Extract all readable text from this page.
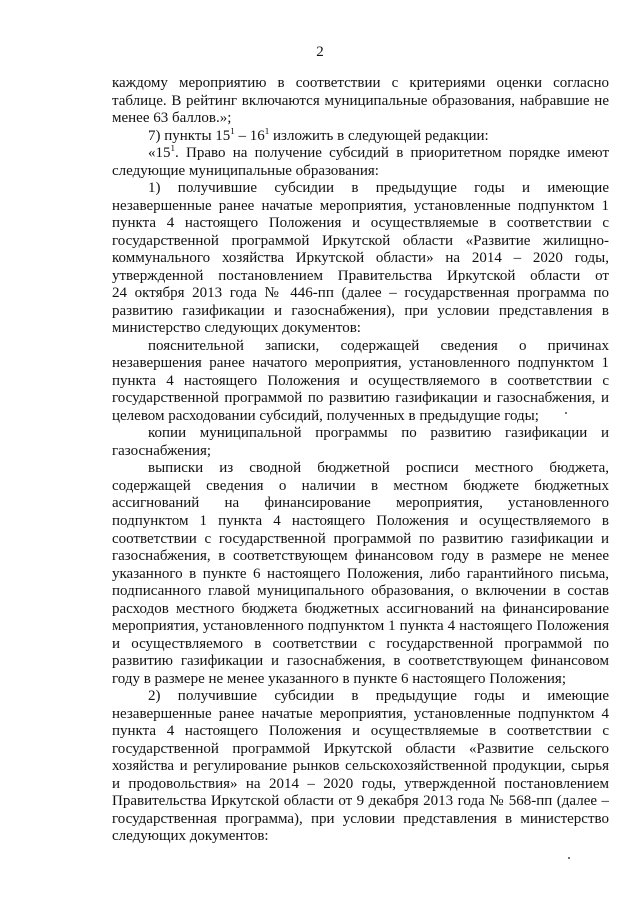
2
каждому мероприятию в соответствии с критериями оценки согласно
таблице. В рейтинг включаются муниципальные образования, набравшие не
менее 63 баллов.»;
7) пункты $15^1 - 16^1$ изложить в следующей редакции:
«$15^1$. Право на получение субсидий в приоритетном порядке имеют
следующие муниципальные образования:
1) получившие субсидии в предыдущие годы и имеющие
незавершенные ранее начатые мероприятия, установленные подпунктом 1
пункта 4 настоящего Положения и осуществляемые в соответствии с
государственной программой Иркутской области «Развитие жилищно-
коммунального хозяйства Иркутской области» на 2014 – 2020 годы,
утвержденной постановлением Правительства Иркутской области от
24 октября 2013 года № 446-пп (далее – государственная программа по
развитию газификации и газоснабжения), при условии представления в
министерство следующих документов:
пояснительной записки, содержащей сведения о причинах
незавершения ранее начатого мероприятия, установленного подпунктом 1
пункта 4 настоящего Положения и осуществляемого в соответствии с
государственной программой по развитию газификации и газоснабжения, и
целевом расходовании субсидий, полученных в предыдущие годы;
копии муниципальной программы по развитию газификации и
газоснабжения;
выписки из сводной бюджетной росписи местного бюджета,
содержащей сведения о наличии в местном бюджете бюджетных
ассигнований на финансирование мероприятия, установленного
подпунктом 1 пункта 4 настоящего Положения и осуществляемого в
соответствии с государственной программой по развитию газификации и
газоснабжения, в соответствующем финансовом году в размере не менее
указанного в пункте 6 настоящего Положения, либо гарантийного письма,
подписанного главой муниципального образования, о включении в состав
расходов местного бюджета бюджетных ассигнований на финансирование
мероприятия, установленного подпунктом 1 пункта 4 настоящего Положения
и осуществляемого в соответствии с государственной программой по
развитию газификации и газоснабжения, в соответствующем финансовом
году в размере не менее указанного в пункте 6 настоящего Положения;
2) получившие субсидии в предыдущие годы и имеющие
незавершенные ранее начатые мероприятия, установленные подпунктом 4
пункта 4 настоящего Положения и осуществляемые в соответствии с
государственной программой Иркутской области «Развитие сельского
хозяйства и регулирование рынков сельскохозяйственной продукции, сырья
и продовольствия» на 2014 – 2020 годы, утвержденной постановлением
Правительства Иркутской области от 9 декабря 2013 года № 568-пп (далее –
государственная программа), при условии представления в министерство
следующих документов:
